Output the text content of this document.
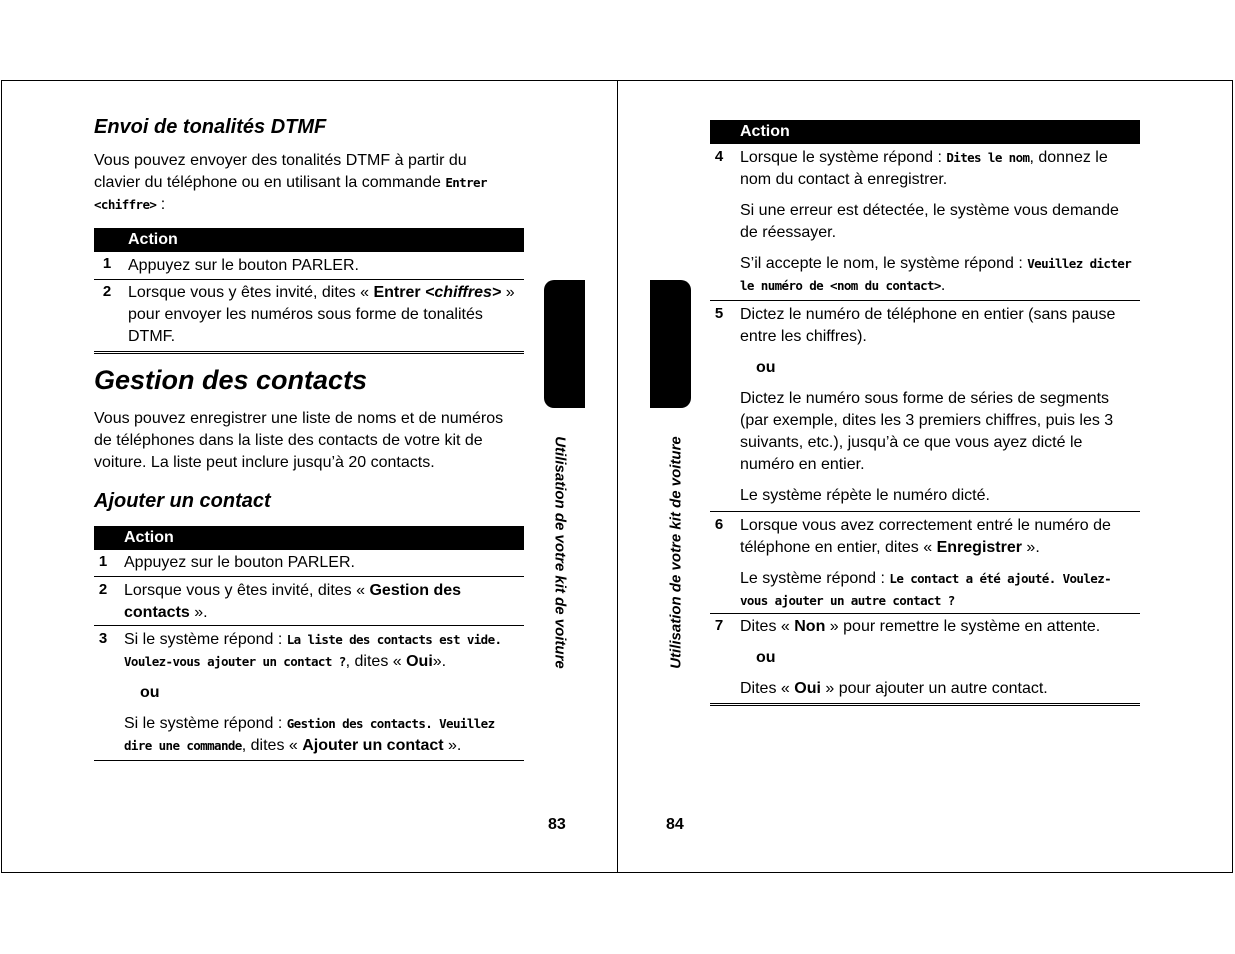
Envoi de tonalités DTMF

Vous pouvez envoyer des tonalités DTMF à partir du clavier du téléphone ou en utilisant la commande Entrer <chiffre> :

Action
1	Appuyez sur le bouton PARLER.
2	Lorsque vous y êtes invité, dites « Entrer <chiffres> » pour envoyer les numéros sous forme de tonalités DTMF.
Gestion des contacts

Vous pouvez enregistrer une liste de noms et de numéros de téléphones dans la liste des contacts de votre kit de voiture. La liste peut inclure jusqu’à 20 contacts.

Ajouter un contact
Action
1	Appuyez sur le bouton PARLER.
2	Lorsque vous y êtes invité, dites « Gestion des contacts ».
3	Si le système répond : La liste des contacts est vide. Voulez-vous ajouter un contact ?, dites « Oui».

ou

Si le système répond : Gestion des contacts. Veuillez dire une commande, dites « Ajouter un contact ».

Utilisation de votre kit de voiture
83
Utilisation de votre kit de voiture
84
Action
4	Lorsque le système répond : Dites le nom, donnez le nom du contact à enregistrer.

Si une erreur est détectée, le système vous demande de réessayer.

S’il accepte le nom, le système répond : Veuillez dicter le numéro de <nom du contact>.

5	Dictez le numéro de téléphone en entier (sans pause entre les chiffres).

ou

Dictez le numéro sous forme de séries de segments (par exemple, dites les 3 premiers chiffres, puis les 3 suivants, etc.), jusqu’à ce que vous ayez dicté le numéro en entier.

Le système répète le numéro dicté.

6	Lorsque vous avez correctement entré le numéro de téléphone en entier, dites « Enregistrer ».

Le système répond : Le contact a été ajouté. Voulez-vous ajouter un autre contact ?

7	Dites « Non » pour remettre le système en attente.

ou

Dites « Oui » pour ajouter un autre contact.
